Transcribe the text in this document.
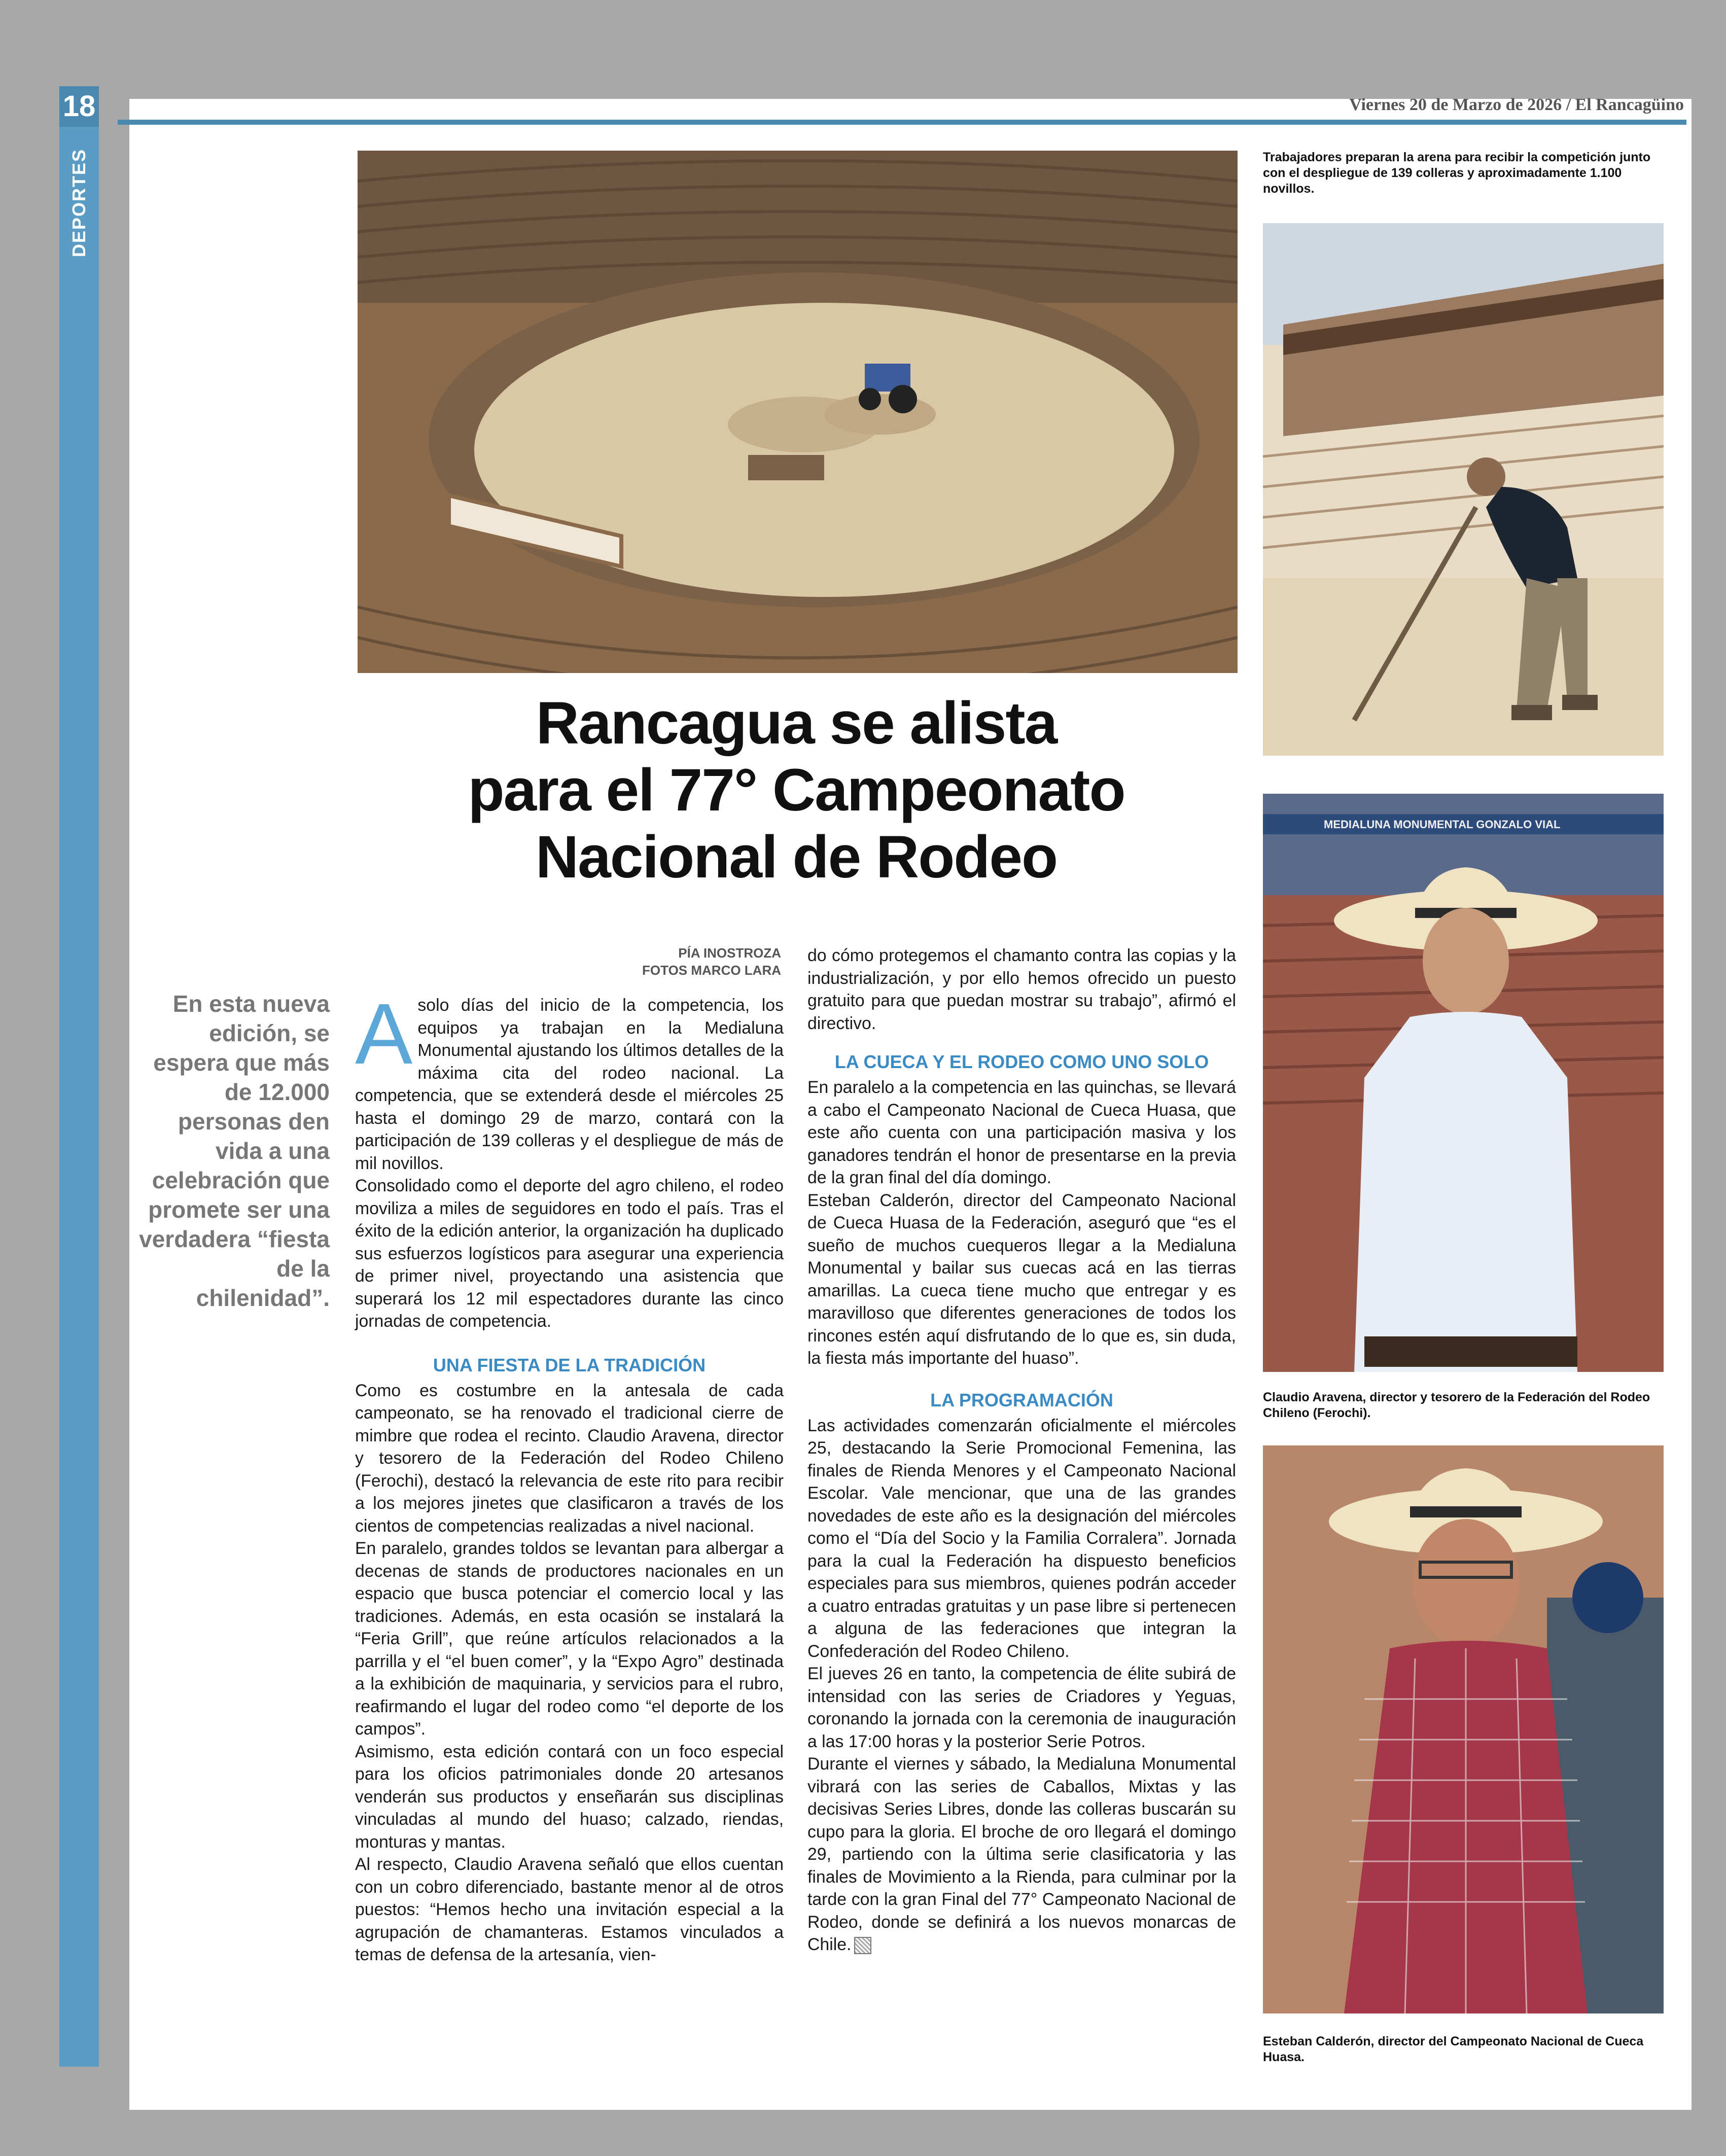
18
DEPORTES
Viernes 20 de Marzo de 2026 / El Rancagüino
Trabajadores preparan la arena para recibir la competición junto con el despliegue de 139 colleras y aproximadamente 1.100 novillos.
MEDIALUNA MONUMENTAL GONZALO VIAL
Claudio Aravena, director y tesorero de la Federación del Rodeo Chileno (Ferochi).
Esteban Calderón, director del Campeonato Nacional de Cueca Huasa.
Rancagua se alista
para el 77° Campeonato
Nacional de Rodeo
PÍA INOSTROZA
FOTOS MARCO LARA
En esta nueva edición, se espera que más de 12.000 personas den vida a una celebración que promete ser una verdadera “fiesta de la chilenidad”.
A solo días del inicio de la competencia, los equipos ya trabajan en la Medialuna Monumental ajustando los últimos detalles de la máxima cita del rodeo nacional. La competencia, que se extenderá desde el miércoles 25 hasta el domingo 29 de marzo, contará con la participación de 139 colleras y el despliegue de más de mil novillos.

Consolidado como el deporte del agro chileno, el rodeo moviliza a miles de seguidores en todo el país. Tras el éxito de la edición anterior, la organización ha duplicado sus esfuerzos logísticos para asegurar una experiencia de primer nivel, proyectando una asistencia que superará los 12 mil espectadores durante las cinco jornadas de competencia.

UNA FIESTA DE LA TRADICIÓN

Como es costumbre en la antesala de cada campeonato, se ha renovado el tradicional cierre de mimbre que rodea el recinto. Claudio Aravena, director y tesorero de la Federación del Rodeo Chileno (Ferochi), destacó la relevancia de este rito para recibir a los mejores jinetes que clasificaron a través de los cientos de competencias realizadas a nivel nacional.

En paralelo, grandes toldos se levantan para albergar a decenas de stands de productores nacionales en un espacio que busca potenciar el comercio local y las tradiciones. Además, en esta ocasión se instalará la “Feria Grill”, que reúne artículos relacionados a la parrilla y el “el buen comer”, y la “Expo Agro” destinada a la exhibición de maquinaria, y servicios para el rubro, reafirmando el lugar del rodeo como “el deporte de los campos”.

Asimismo, esta edición contará con un foco especial para los oficios patrimoniales donde 20 artesanos venderán sus productos y enseñarán sus disciplinas vinculadas al mundo del huaso; calzado, riendas, monturas y mantas.

Al respecto, Claudio Aravena señaló que ellos cuentan con un cobro diferenciado, bastante menor al de otros puestos: “Hemos hecho una invitación especial a la agrupación de chamanteras. Estamos vinculados a temas de defensa de la artesanía, vien-

do cómo protegemos el chamanto contra las copias y la industrialización, y por ello hemos ofrecido un puesto gratuito para que puedan mostrar su trabajo”, afirmó el directivo.

LA CUECA Y EL RODEO COMO UNO SOLO

En paralelo a la competencia en las quinchas, se llevará a cabo el Campeonato Nacional de Cueca Huasa, que este año cuenta con una participación masiva y los ganadores tendrán el honor de presentarse en la previa de la gran final del día domingo.

Esteban Calderón, director del Campeonato Nacional de Cueca Huasa de la Federación, aseguró que “es el sueño de muchos cuequeros llegar a la Medialuna Monumental y bailar sus cuecas acá en las tierras amarillas. La cueca tiene mucho que entregar y es maravilloso que diferentes generaciones de todos los rincones estén aquí disfrutando de lo que es, sin duda, la fiesta más importante del huaso”.

LA PROGRAMACIÓN

Las actividades comenzarán oficialmente el miércoles 25, destacando la Serie Promocional Femenina, las finales de Rienda Menores y el Campeonato Nacional Escolar. Vale mencionar, que una de las grandes novedades de este año es la designación del miércoles como el “Día del Socio y la Familia Corralera”. Jornada para la cual la Federación ha dispuesto beneficios especiales para sus miembros, quienes podrán acceder a cuatro entradas gratuitas y un pase libre si pertenecen a alguna de las federaciones que integran la Confederación del Rodeo Chileno.

El jueves 26 en tanto, la competencia de élite subirá de intensidad con las series de Criadores y Yeguas, coronando la jornada con la ceremonia de inauguración a las 17:00 horas y la posterior Serie Potros.

Durante el viernes y sábado, la Medialuna Monumental vibrará con las series de Caballos, Mixtas y las decisivas Series Libres, donde las colleras buscarán su cupo para la gloria. El broche de oro llegará el domingo 29, partiendo con la última serie clasificatoria y las finales de Movimiento a la Rienda, para culminar por la tarde con la gran Final del 77° Campeonato Nacional de Rodeo, donde se definirá a los nuevos monarcas de Chile.
